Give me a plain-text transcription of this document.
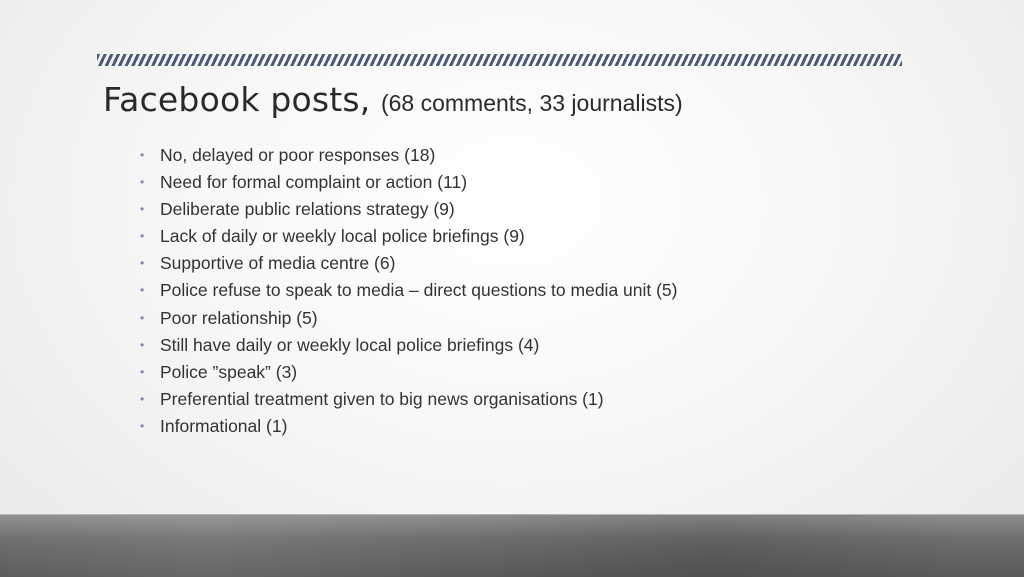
Facebook posts, (68 comments, 33 journalists)
• No, delayed or poor responses (18)
• Need for formal complaint or action (11)
• Deliberate public relations strategy (9)
• Lack of daily or weekly local police briefings (9)
• Supportive of media centre (6)
• Police refuse to speak to media – direct questions to media unit (5)
• Poor relationship (5)
• Still have daily or weekly local police briefings (4)
• Police ”speak” (3)
• Preferential treatment given to big news organisations (1)
• Informational (1)
